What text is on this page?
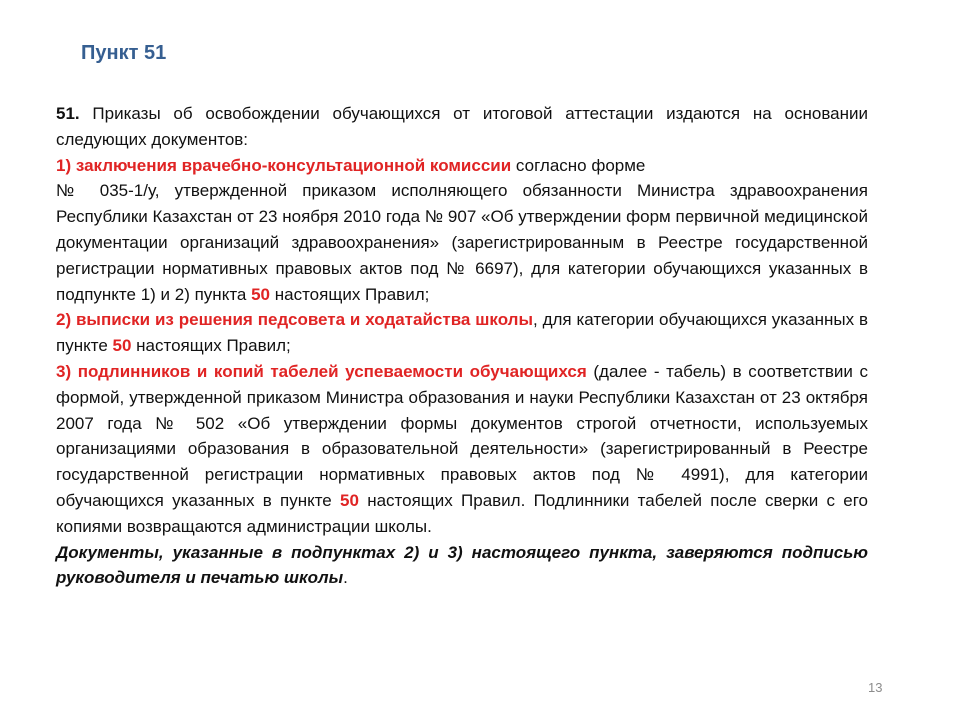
Пункт 51

51. Приказы об освобождении обучающихся от итоговой аттестации издаются на основании следующих документов:

1) заключения врачебно-консультационной комиссии согласно форме

№ 035-1/у, утвержденной приказом исполняющего обязанности Министра здравоохранения Республики Казахстан от 23 ноября 2010 года № 907 «Об утверждении форм первичной медицинской документации организаций здравоохранения» (зарегистрированным в Реестре государственной регистрации нормативных правовых актов под № 6697), для категории обучающихся указанных в подпункте 1) и 2) пункта 50 настоящих Правил;

2) выписки из решения педсовета и ходатайства школы, для категории обучающихся указанных в пункте 50 настоящих Правил;

3) подлинников и копий табелей успеваемости обучающихся (далее - табель) в соответствии с формой, утвержденной приказом Министра образования и науки Республики Казахстан от 23 октября 2007 года № 502 «Об утверждении формы документов строгой отчетности, используемых организациями образования в образовательной деятельности» (зарегистрированный в Реестре государственной регистрации нормативных правовых актов под № 4991), для категории обучающихся указанных в пункте 50 настоящих Правил. Подлинники табелей после сверки с его копиями возвращаются администрации школы.

Документы, указанные в подпунктах 2) и 3) настоящего пункта, заверяются подписью руководителя и печатью школы.

13
